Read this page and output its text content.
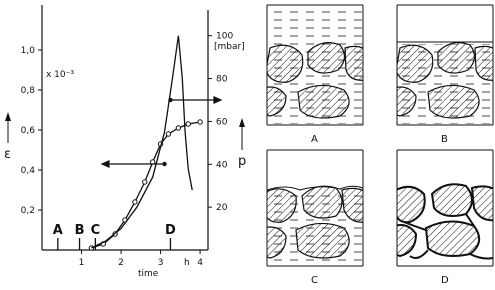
time
h
ε
x 10⁻³
[mbar]
p
1	2	3	4
0,2
0,4
0,6
0,8
1,0
20
40
60
80
100
A B C	D
A	B
C	D
